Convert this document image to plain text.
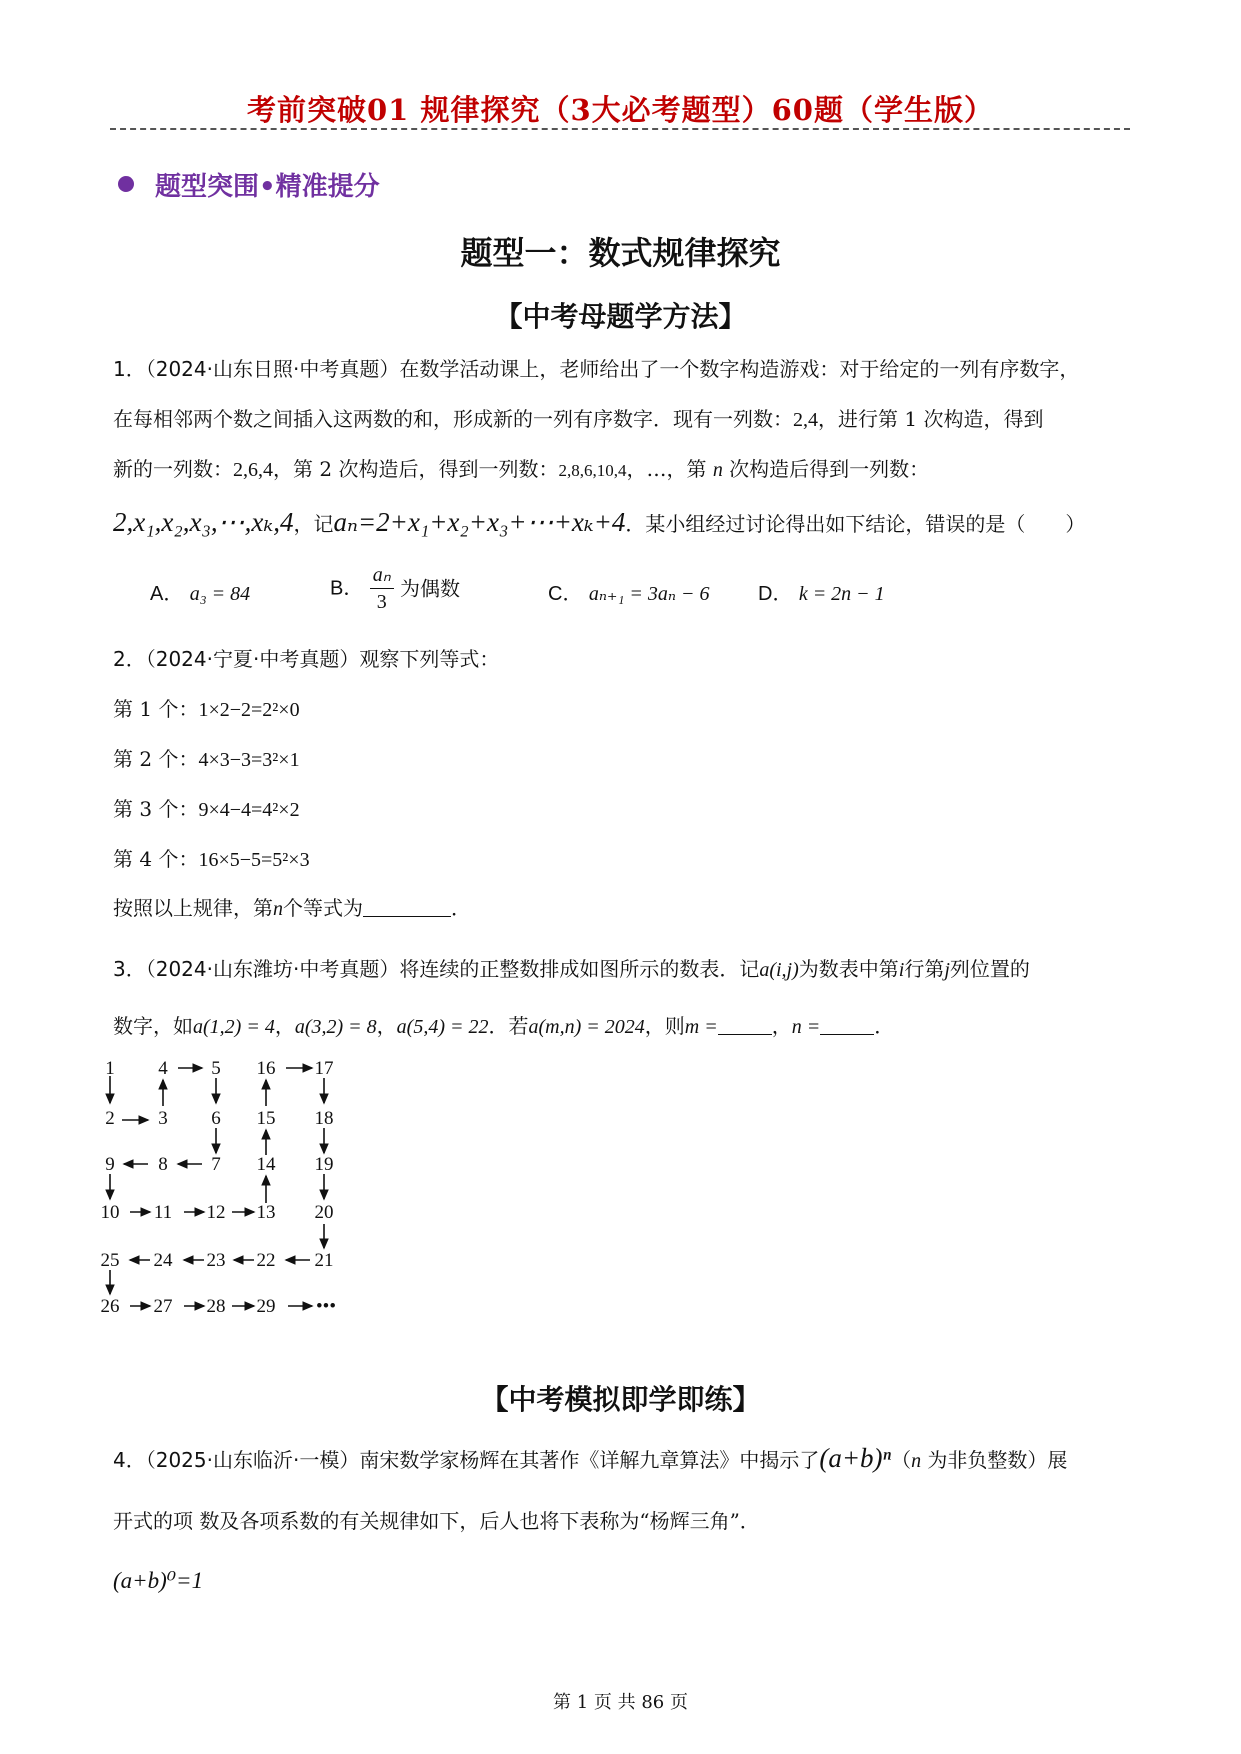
考前突破01 规律探究（3大必考题型）60题（学生版）
题型突围•精准提分
题型一：数式规律探究
【中考母题学方法】
1．（2024·山东日照·中考真题）在数学活动课上，老师给出了一个数字构造游戏：对于给定的一列有序数字，
在每相邻两个数之间插入这两数的和，形成新的一列有序数字．现有一列数：2,4，进行第 1 次构造，得到
新的一列数：2,6,4，第 2 次构造后，得到一列数：2,8,6,10,4，…，第 n 次构造后得到一列数：
2,x₁,x₂,x₃,⋯,xₖ,4，记aₙ=2+x₁+x₂+x₃+⋯+xₖ+4．某小组经过讨论得出如下结论，错误的是（　　）
A． a₃ = 84	B． $\frac{\text{aₙ}}{3}$ 为偶数	C． aₙ₊₁ = 3aₙ − 6 D． k = 2n − 1
2．（2024·宁夏·中考真题）观察下列等式：
第 1 个：1×2−2=2²×0
第 2 个：4×3−3=3²×1
第 3 个：9×4−4=4²×2
第 4 个：16×5−5=5²×3
按照以上规律，第n个等式为	．
3．（2024·山东潍坊·中考真题）将连续的正整数排成如图所示的数表．记a(i,j)为数表中第i行第j列位置的
数字，如a(1,2) = 4，a(3,2) = 8，a(5,4) = 22．若a(m,n) = 2024，则m =	，n =	．
1 4 5 16 17
2 3 6 15 18
9 8 7 14 19
10 11 12 13 20
25 24 23 22 21
26 27 28 29 •••
【中考模拟即学即练】
4．（2025·山东临沂·一模）南宋数学家杨辉在其著作《详解九章算法》中揭示了(a+b)ⁿ（n 为非负整数）展
开式的项 数及各项系数的有关规律如下，后人也将下表称为“杨辉三角”．
(a+b)⁰=1
第 1 页 共 86 页
